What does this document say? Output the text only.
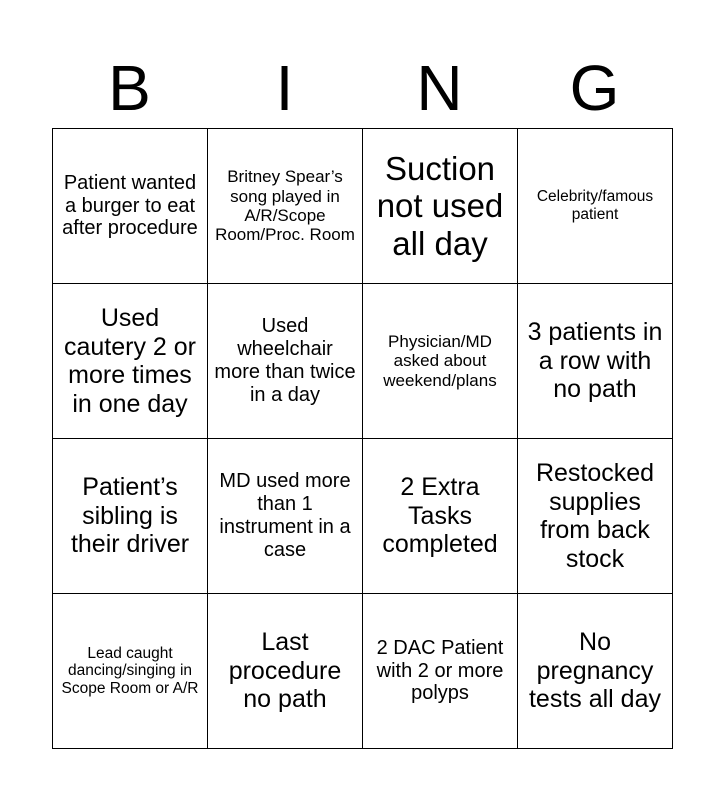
B	I	N	G
Patient wanted a burger to eat after procedure	Britney Spear’s song played in A/R/Scope Room/Proc. Room	Suction not used all day	Celebrity/famous patient
Used cautery 2 or more times in one day	Used wheelchair more than twice in a day	Physician/MD asked about weekend/plans	3 patients in a row with no path
Patient’s sibling is their driver	MD used more than 1 instrument in a case	2 Extra Tasks completed	Restocked supplies from back stock
Lead caught dancing/singing in Scope Room or A/R	Last procedure no path	2 DAC Patient with 2 or more polyps	No pregnancy tests all day
